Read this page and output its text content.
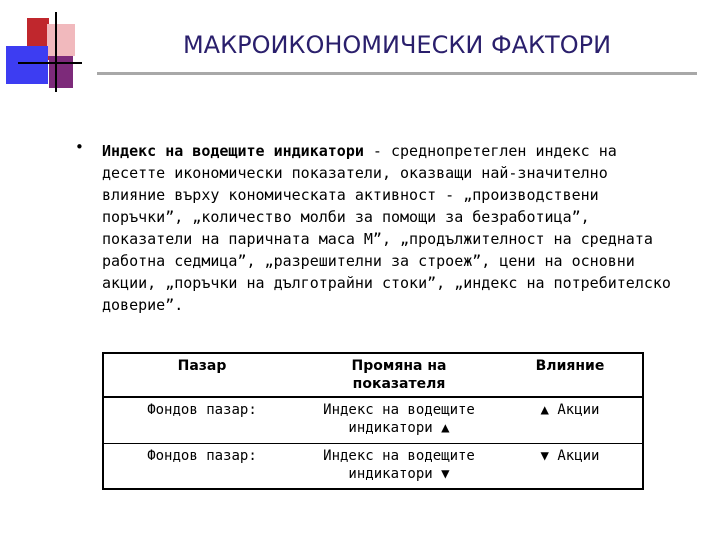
МАКРОИКОНОМИЧЕСКИ ФАКТОРИ
• Индекс на водещите индикатори - среднопретеглен индекс на десетте икономически показатели, оказващи най-значително влияние върху кономическата активност - „производствени поръчки”, „количество молби за помощи за безработица”, показатели на паричната маса М”, „продължителност на средната работна седмица”, „разрешителни за строеж”, цени на основни акции, „поръчки на дълготрайни стоки”, „индекс на потребителско доверие”.
Пазар	Промяна на показателя	Влияние
Фондов пазар:	Индекс на водещите индикатори ▲	▲ Акции
Фондов пазар:	Индекс на водещите индикатори ▼	▼ Акции
